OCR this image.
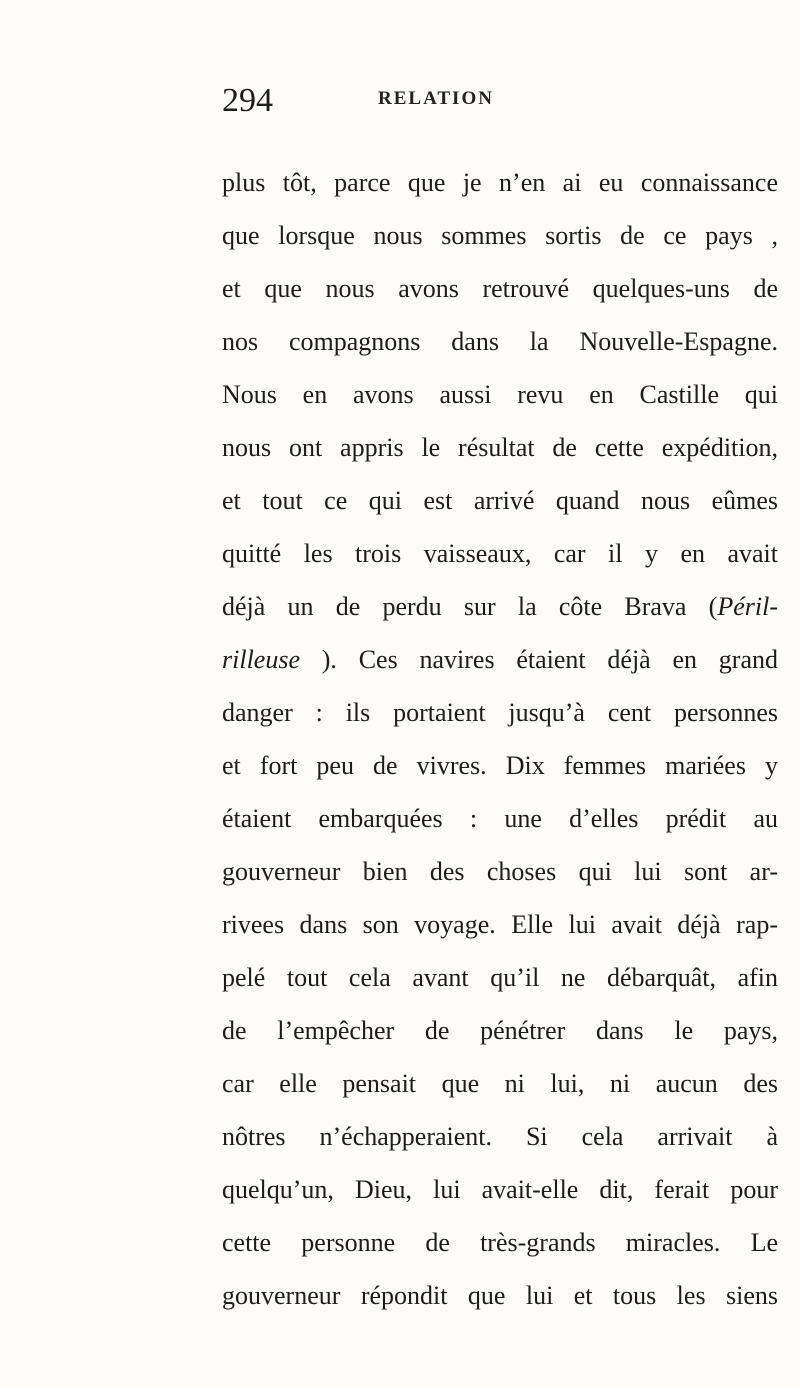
294	RELATION
plus tôt, parce que je n’en ai eu connaissance
que lorsque nous sommes sortis de ce pays ,
et que nous avons retrouvé quelques-uns de
nos compagnons dans la Nouvelle-Espagne.
Nous en avons aussi revu en Castille qui
nous ont appris le résultat de cette expédition,
et tout ce qui est arrivé quand nous eûmes
quitté les trois vaisseaux, car il y en avait
déjà un de perdu sur la côte Brava (Péril-
rilleuse ). Ces navires étaient déjà en grand
danger : ils portaient jusqu’à cent personnes
et fort peu de vivres. Dix femmes mariées y
étaient embarquées : une d’elles prédit au
gouverneur bien des choses qui lui sont ar-
rivees dans son voyage. Elle lui avait déjà rap-
pelé tout cela avant qu’il ne débarquât, afin
de l’empêcher de pénétrer dans le pays,
car elle pensait que ni lui, ni aucun des
nôtres n’échapperaient. Si cela arrivait à
quelqu’un, Dieu, lui avait-elle dit, ferait pour
cette personne de très-grands miracles. Le
gouverneur répondit que lui et tous les siens
